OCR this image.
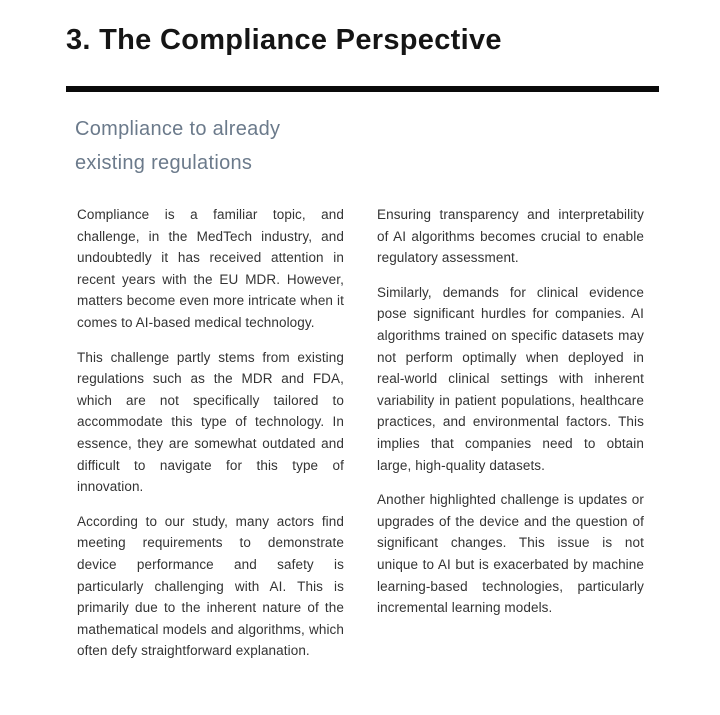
3. The Compliance Perspective
Compliance to already
existing regulations

Compliance is a familiar topic, and challenge, in the MedTech industry, and undoubtedly it has received attention in recent years with the EU MDR. However, matters become even more intricate when it comes to AI-based medical technology.

This challenge partly stems from existing regulations such as the MDR and FDA, which are not specifically tailored to accommodate this type of technology. In essence, they are somewhat outdated and difficult to navigate for this type of innovation.

According to our study, many actors find meeting requirements to demonstrate device performance and safety is particularly challenging with AI. This is primarily due to the inherent nature of the mathematical models and algorithms, which often defy straightforward explanation.

Ensuring transparency and interpretability of AI algorithms becomes crucial to enable regulatory assessment.

Similarly, demands for clinical evidence pose significant hurdles for companies. AI algorithms trained on specific datasets may not perform optimally when deployed in real-world clinical settings with inherent variability in patient populations, healthcare practices, and environmental factors. This implies that companies need to obtain large, high-quality datasets.

Another highlighted challenge is updates or upgrades of the device and the question of significant changes. This issue is not unique to AI but is exacerbated by machine learning-based technologies, particularly incremental learning models.
